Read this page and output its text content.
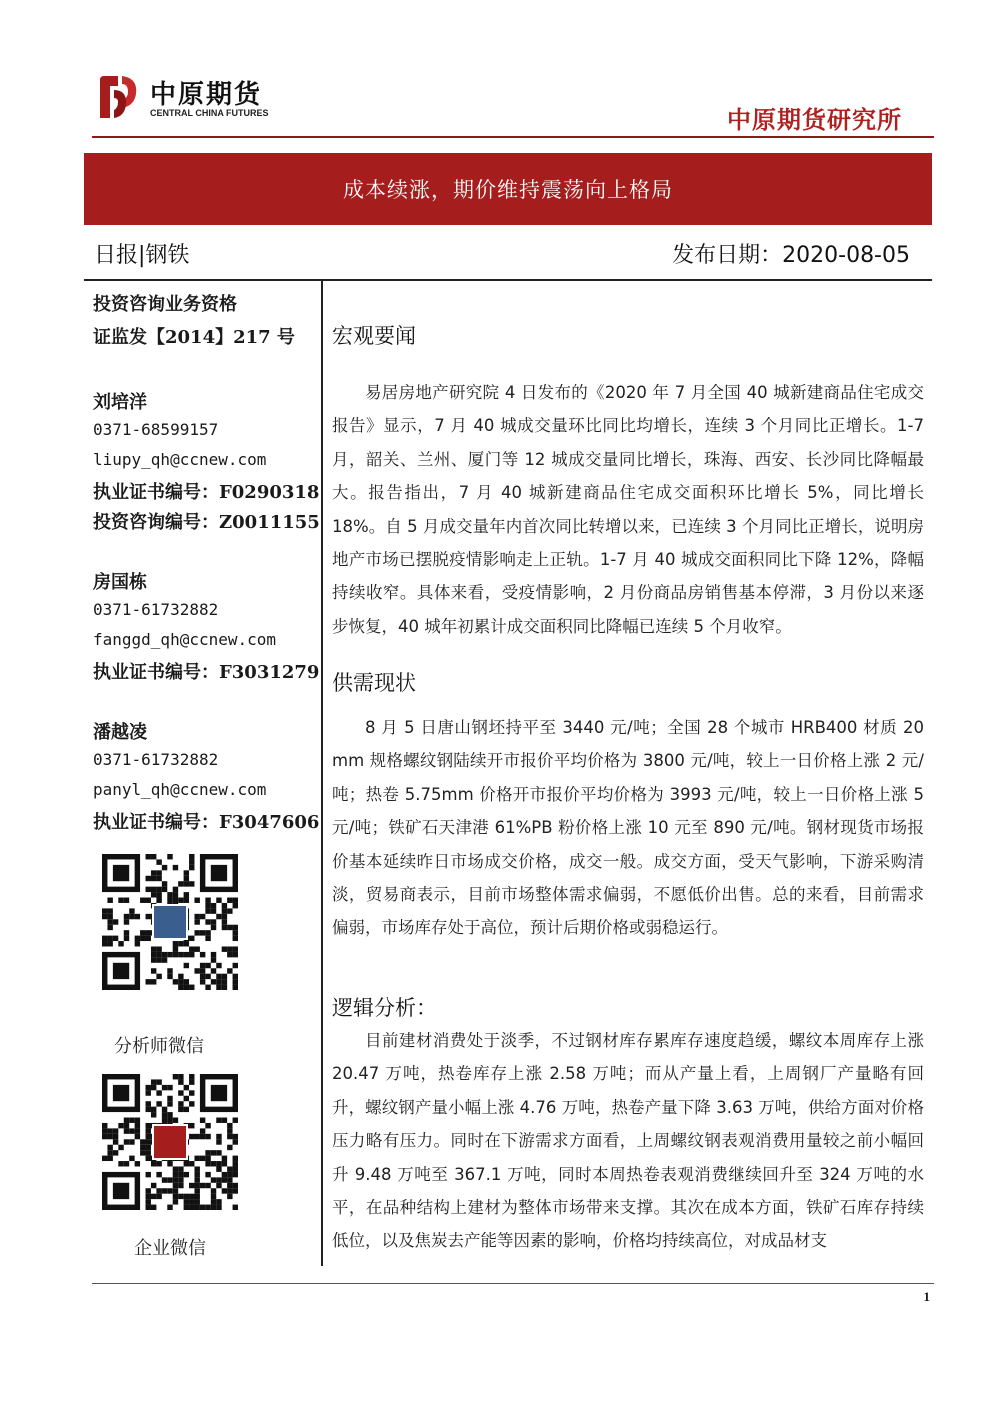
中原期货
CENTRAL CHINA FUTURES	中原期货研究所
成本续涨，期价维持震荡向上格局
日报|钢铁	发布日期：2020-08-05
投资咨询业务资格
证监发【2014】217 号
刘培洋
0371-68599157
liupy_qh@ccnew.com
执业证书编号：F0290318
投资咨询编号：Z0011155
房国栋
0371-61732882
fanggd_qh@ccnew.com
执业证书编号：F3031279
潘越凌
0371-61732882
panyl_qh@ccnew.com
执业证书编号：F3047606
分析师微信
企业微信
宏观要闻
易居房地产研究院 4 日发布的《2020 年 7 月全国 40 城新建商品住宅成交报告》显示，7 月 40 城成交量环比同比均增长，连续 3 个月同比正增长。1-7 月，韶关、兰州、厦门等 12 城成交量同比增长，珠海、西安、长沙同比降幅最大。报告指出，7 月 40 城新建商品住宅成交面积环比增长 5%，同比增长 18%。自 5 月成交量年内首次同比转增以来，已连续 3 个月同比正增长，说明房地产市场已摆脱疫情影响走上正轨。1-7 月 40 城成交面积同比下降 12%，降幅持续收窄。具体来看，受疫情影响，2 月份商品房销售基本停滞，3 月份以来逐步恢复，40 城年初累计成交面积同比降幅已连续 5 个月收窄。
供需现状
8 月 5 日唐山钢坯持平至 3440 元/吨；全国 28 个城市 HRB400 材质 20 mm 规格螺纹钢陆续开市报价平均价格为 3800 元/吨，较上一日价格上涨 2 元/吨；热卷 5.75mm 价格开市报价平均价格为 3993 元/吨，较上一日价格上涨 5 元/吨；铁矿石天津港 61%PB 粉价格上涨 10 元至 890 元/吨。钢材现货市场报价基本延续昨日市场成交价格，成交一般。成交方面，受天气影响，下游采购清淡，贸易商表示，目前市场整体需求偏弱，不愿低价出售。总的来看，目前需求偏弱，市场库存处于高位，预计后期价格或弱稳运行。
逻辑分析：
目前建材消费处于淡季，不过钢材库存累库存速度趋缓，螺纹本周库存上涨 20.47 万吨，热卷库存上涨 2.58 万吨；而从产量上看，上周钢厂产量略有回升，螺纹钢产量小幅上涨 4.76 万吨，热卷产量下降 3.63 万吨，供给方面对价格压力略有压力。同时在下游需求方面看，上周螺纹钢表观消费用量较之前小幅回升 9.48 万吨至 367.1 万吨，同时本周热卷表观消费继续回升至 324 万吨的水平，在品种结构上建材为整体市场带来支撑。其次在成本方面，铁矿石库存持续低位，以及焦炭去产能等因素的影响，价格均持续高位，对成品材支
1
